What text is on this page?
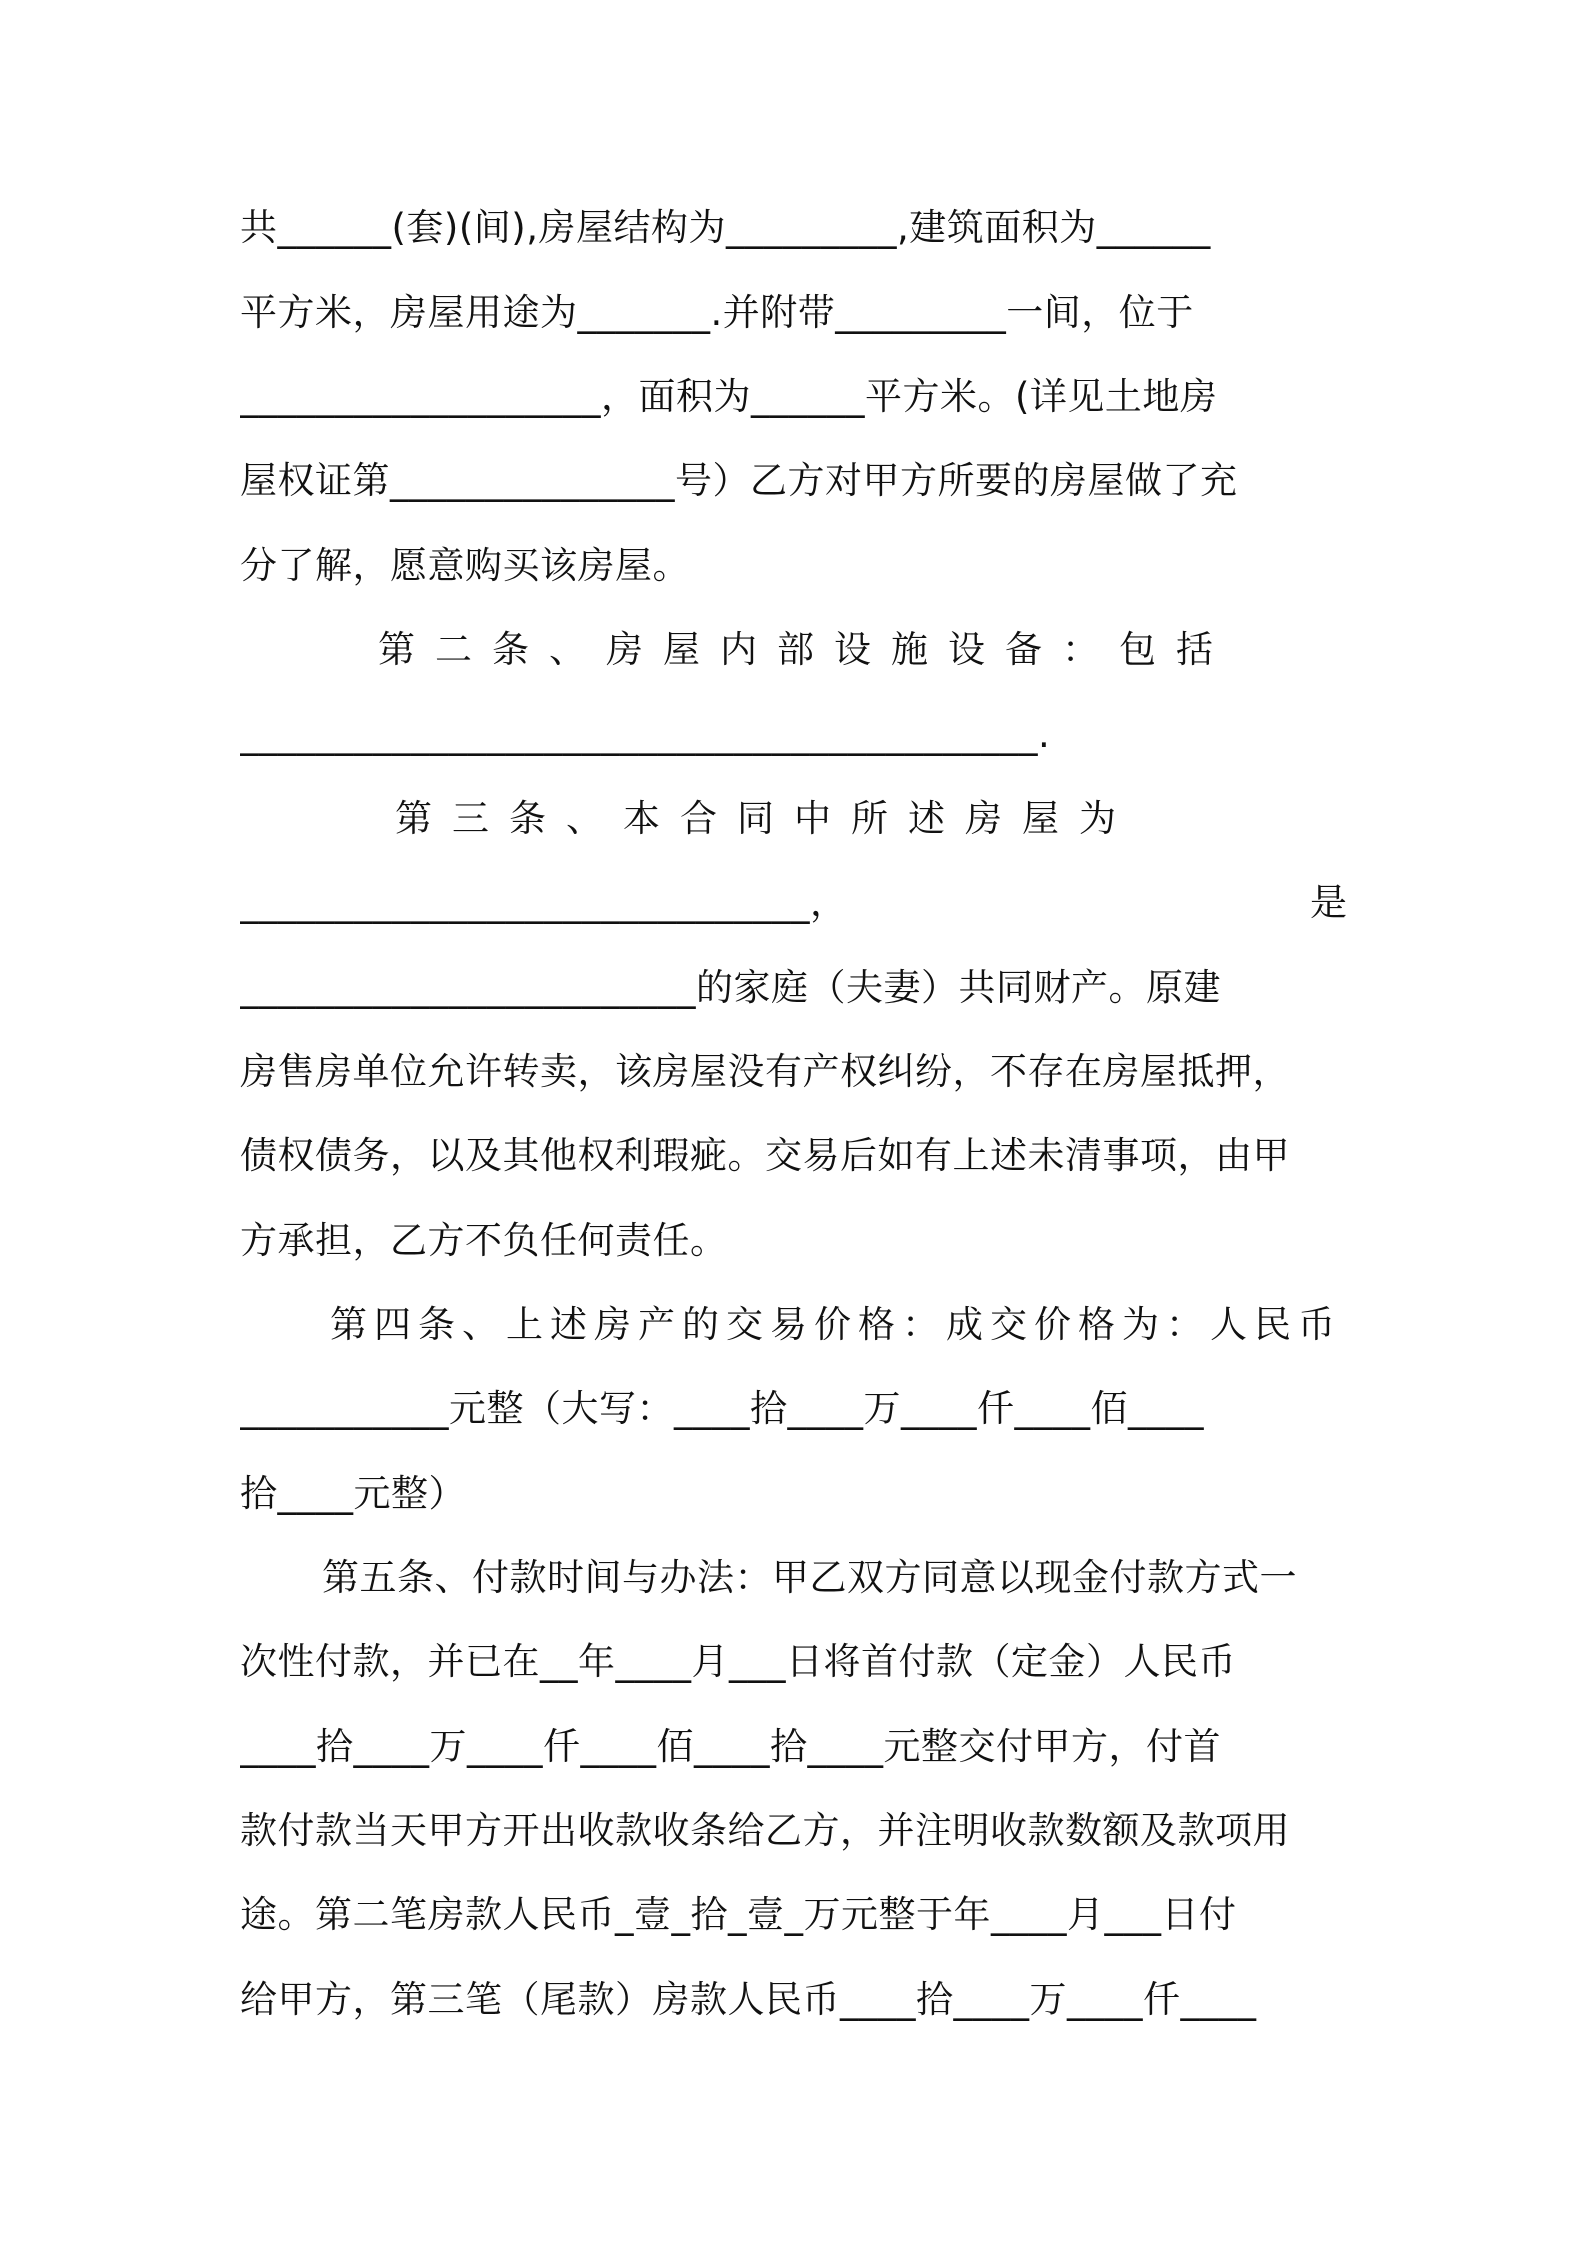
共______(套)(间),房屋结构为_________,建筑面积为______
平方米，房屋用途为_______.并附带_________一间，位于
___________________，面积为______平方米。(详见土地房
屋权证第_______________号）乙方对甲方所要的房屋做了充
分了解，愿意购买该房屋。
第二条、房屋内部设施设备：包括
__________________________________________.
第三条、本合同中所述房屋为
______________________________，	是
________________________的家庭（夫妻）共同财产。原建
房售房单位允许转卖，该房屋没有产权纠纷，不存在房屋抵押，
债权债务，以及其他权利瑕疵。交易后如有上述未清事项，由甲
方承担，乙方不负任何责任。
第四条、上述房产的交易价格：成交价格为：人民币
___________元整（大写：____拾____万____仟____佰____
拾____元整）
第五条、付款时间与办法：甲乙双方同意以现金付款方式一
次性付款，并已在__年____月___日将首付款（定金）人民币
____拾____万____仟____佰____拾____元整交付甲方，付首
款付款当天甲方开出收款收条给乙方，并注明收款数额及款项用
途。第二笔房款人民币_壹_拾_壹_万元整于年____月___日付
给甲方，第三笔（尾款）房款人民币____拾____万____仟____
